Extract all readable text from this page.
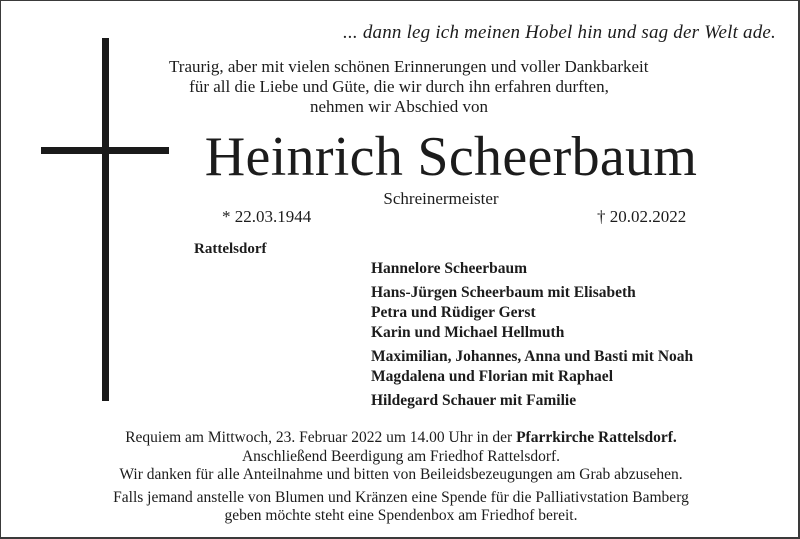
... dann leg ich meinen Hobel hin und sag der Welt ade.
Traurig, aber mit vielen schönen Erinnerungen und voller Dankbarkeit
für all die Liebe und Güte, die wir durch ihn erfahren durften,
nehmen wir Abschied von
Heinrich Scheerbaum
Schreinermeister
* 22.03.1944	† 20.02.2022
Rattelsdorf
Hannelore Scheerbaum
Hans-Jürgen Scheerbaum mit Elisabeth
Petra und Rüdiger Gerst
Karin und Michael Hellmuth
Maximilian, Johannes, Anna und Basti mit Noah
Magdalena und Florian mit Raphael
Hildegard Schauer mit Familie
Requiem am Mittwoch, 23. Februar 2022 um 14.00 Uhr in der Pfarrkirche Rattelsdorf.
Anschließend Beerdigung am Friedhof Rattelsdorf.
Wir danken für alle Anteilnahme und bitten von Beileidsbezeugungen am Grab abzusehen.
Falls jemand anstelle von Blumen und Kränzen eine Spende für die Palliativstation Bamberg
geben möchte steht eine Spendenbox am Friedhof bereit.
